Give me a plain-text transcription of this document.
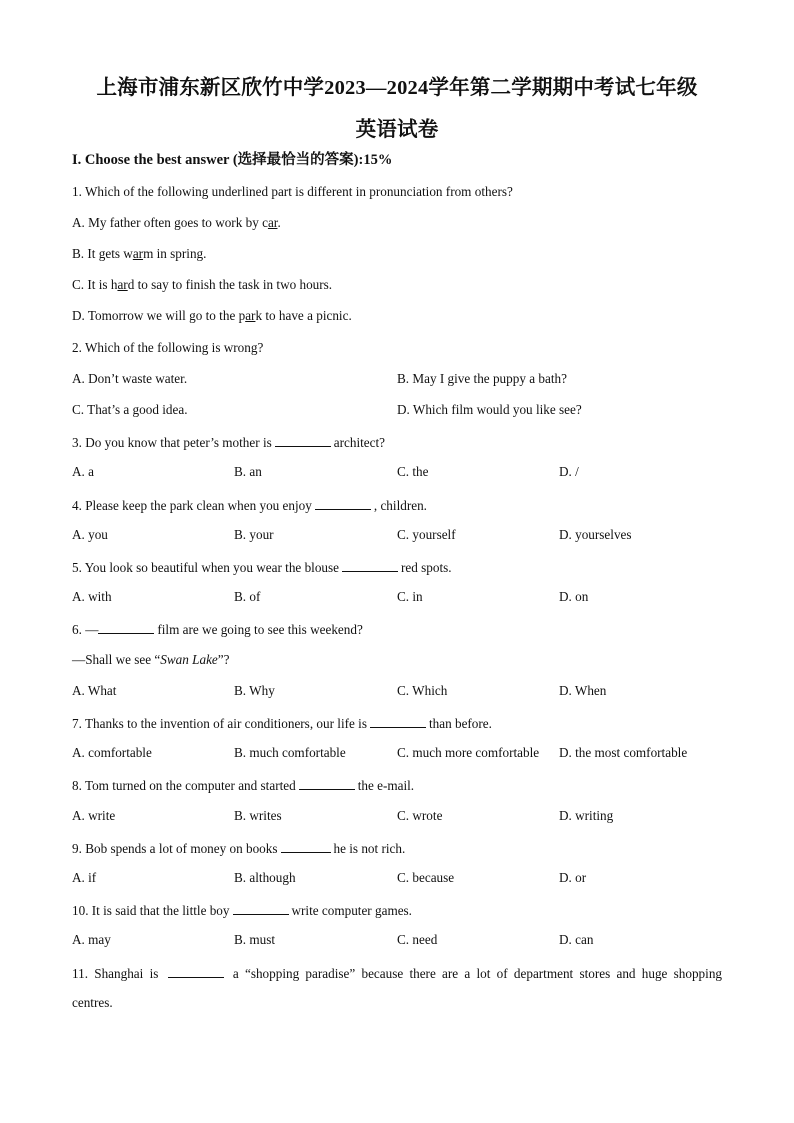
上海市浦东新区欣竹中学2023—2024学年第二学期期中考试七年级
英语试卷
I. Choose the best answer (选择最恰当的答案):15%
1. Which of the following underlined part is different in pronunciation from others?
A. My father often goes to work by car.
B. It gets warm in spring.
C. It is hard to say to finish the task in two hours.
D. Tomorrow we will go to the park to have a picnic.
2. Which of the following is wrong?
A. Don’t waste water.	B. May I give the puppy a bath?
C. That’s a good idea.	D. Which film would you like see?
3. Do you know that peter’s mother is	architect?
A. a	B. an	C. the	D. /
4. Please keep the park clean when you enjoy	, children.
A. you	B. your	C. yourself	D. yourselves
5. You look so beautiful when you wear the blouse	red spots.
A. with	B. of	C. in	D. on
6. —	film are we going to see this weekend?
—Shall we see “Swan Lake”?
A. What	B. Why	C. Which	D. When
7. Thanks to the invention of air conditioners, our life is	than before.
A. comfortable	B. much comfortable	C. much more comfortable D. the most comfortable
8. Tom turned on the computer and started	the e-mail.
A. write	B. writes	C. wrote	D. writing
9. Bob spends a lot of money on books	he is not rich.
A. if	B. although	C. because	D. or
10. It is said that the little boy	write computer games.
A. may	B. must	C. need	D. can
11. Shanghai is	a “shopping paradise” because there are a lot of department stores and huge shopping
centres.
